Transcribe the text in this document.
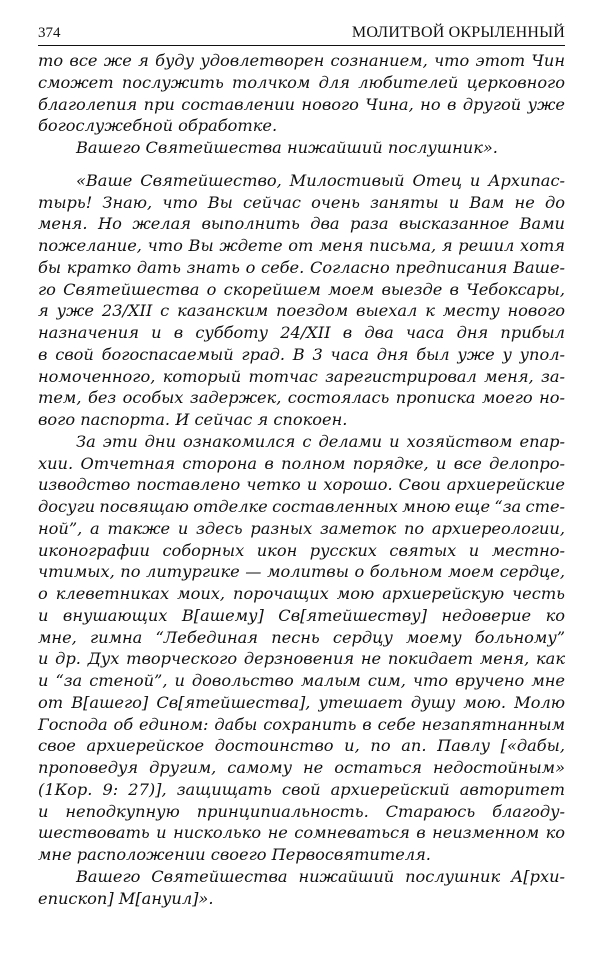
374	МОЛИТВОЙ ОКРЫЛЕННЫЙ
то все же я буду удовлетворен сознанием, что этот Чин
сможет послужить толчком для любителей церковного
благолепия при составлении нового Чина, но в другой уже
богослужебной обработке.
Вашего Святейшества нижайший послушник».
«Ваше Святейшество, Милостивый Отец и Архипас-
тырь! Знаю, что Вы сейчас очень заняты и Вам не до
меня. Но желая выполнить два раза высказанное Вами
пожелание, что Вы ждете от меня письма, я решил хотя
бы кратко дать знать о себе. Согласно предписания Ваше-
го Святейшества о скорейшем моем выезде в Чебоксары,
я уже 23/XII с казанским поездом выехал к месту нового
назначения и в субботу 24/XII в два часа дня прибыл
в свой богоспасаемый град. В 3 часа дня был уже у упол-
номоченного, который тотчас зарегистрировал меня, за-
тем, без особых задержек, состоялась прописка моего но-
вого паспорта. И сейчас я спокоен.
За эти дни ознакомился с делами и хозяйством епар-
хии. Отчетная сторона в полном порядке, и все делопро-
изводство поставлено четко и хорошо. Свои архиерейские
досуги посвящаю отделке составленных мною еще “за сте-
ной”, а также и здесь разных заметок по архиереологии,
иконографии соборных икон русских святых и местно-
чтимых, по литургике — молитвы о больном моем сердце,
о клеветниках моих, порочащих мою архиерейскую честь
и внушающих В[ашему] Св[ятейшеству] недоверие ко
мне, гимна “Лебединая песнь сердцу моему больному”
и др. Дух творческого дерзновения не покидает меня, как
и “за стеной”, и довольство малым сим, что вручено мне
от В[ашего] Св[ятейшества], утешает душу мою. Молю
Господа об едином: дабы сохранить в себе незапятнанным
свое архиерейское достоинство и, по ап. Павлу [«дабы,
проповедуя другим, самому не остаться недостойным»
(1Кор. 9: 27)], защищать свой архиерейский авторитет
и неподкупную принципиальность. Стараюсь благоду-
шествовать и нисколько не сомневаться в неизменном ко
мне расположении своего Первосвятителя.
Вашего Святейшества нижайший послушник А[рхи-
епископ] М[ануил]».
